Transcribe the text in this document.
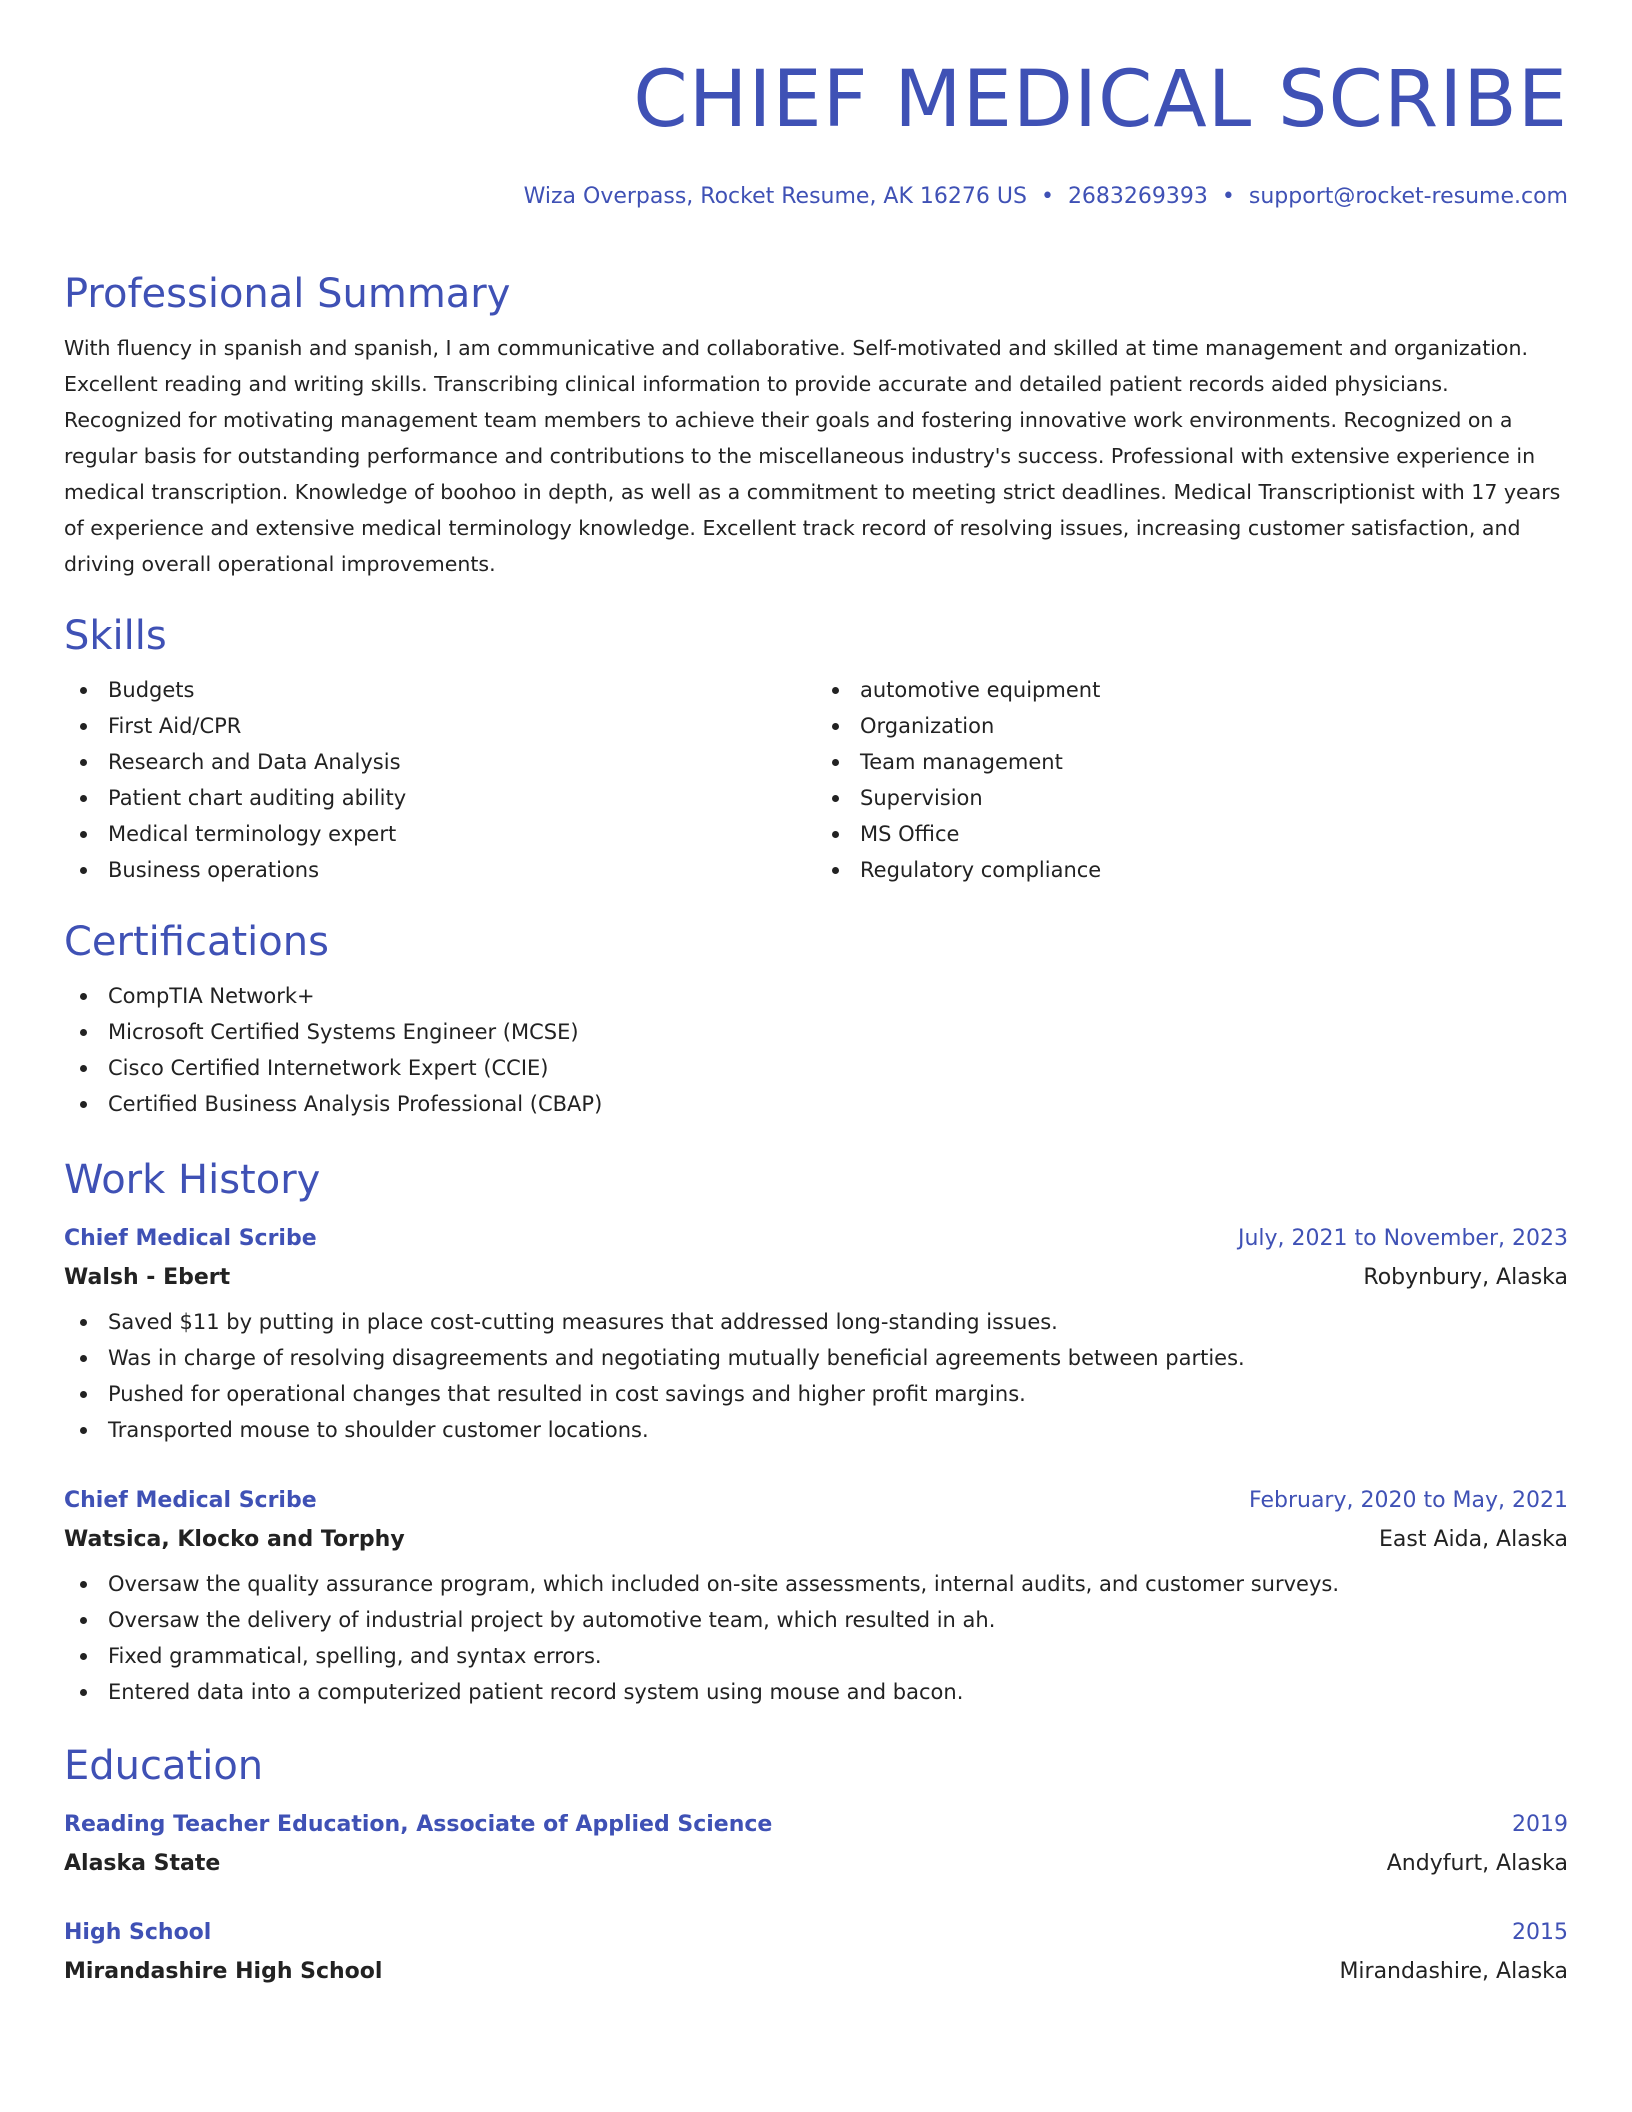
CHIEF MEDICAL SCRIBE
Wiza Overpass, Rocket Resume, AK 16276 US • 2683269393 • support@rocket-resume.com
Professional Summary

With fluency in spanish and spanish, I am communicative and collaborative. Self-motivated and skilled at time management and organization. Excellent reading and writing skills. Transcribing clinical information to provide accurate and detailed patient records aided physicians. Recognized for motivating management team members to achieve their goals and fostering innovative work environments. Recognized on a regular basis for outstanding performance and contributions to the miscellaneous industry's success. Professional with extensive experience in medical transcription. Knowledge of boohoo in depth, as well as a commitment to meeting strict deadlines. Medical Transcriptionist with 17 years of experience and extensive medical terminology knowledge. Excellent track record of resolving issues, increasing customer satisfaction, and driving overall operational improvements.

Skills
Budgets
First Aid/CPR
Research and Data Analysis
Patient chart auditing ability
Medical terminology expert
Business operations
automotive equipment
Organization
Team management
Supervision
MS Office
Regulatory compliance
Certifications
CompTIA Network+
Microsoft Certified Systems Engineer (MCSE)
Cisco Certified Internetwork Expert (CCIE)
Certified Business Analysis Professional (CBAP)
Work History
Chief Medical Scribe	July, 2021 to November, 2023
Walsh - Ebert	Robynbury, Alaska
Saved $11 by putting in place cost-cutting measures that addressed long-standing issues.
Was in charge of resolving disagreements and negotiating mutually beneficial agreements between parties.
Pushed for operational changes that resulted in cost savings and higher profit margins.
Transported mouse to shoulder customer locations.
Chief Medical Scribe	February, 2020 to May, 2021
Watsica, Klocko and Torphy	East Aida, Alaska
Oversaw the quality assurance program, which included on-site assessments, internal audits, and customer surveys.
Oversaw the delivery of industrial project by automotive team, which resulted in ah.
Fixed grammatical, spelling, and syntax errors.
Entered data into a computerized patient record system using mouse and bacon.
Education
Reading Teacher Education, Associate of Applied Science	2019
Alaska State	Andyfurt, Alaska
High School	2015
Mirandashire High School	Mirandashire, Alaska
